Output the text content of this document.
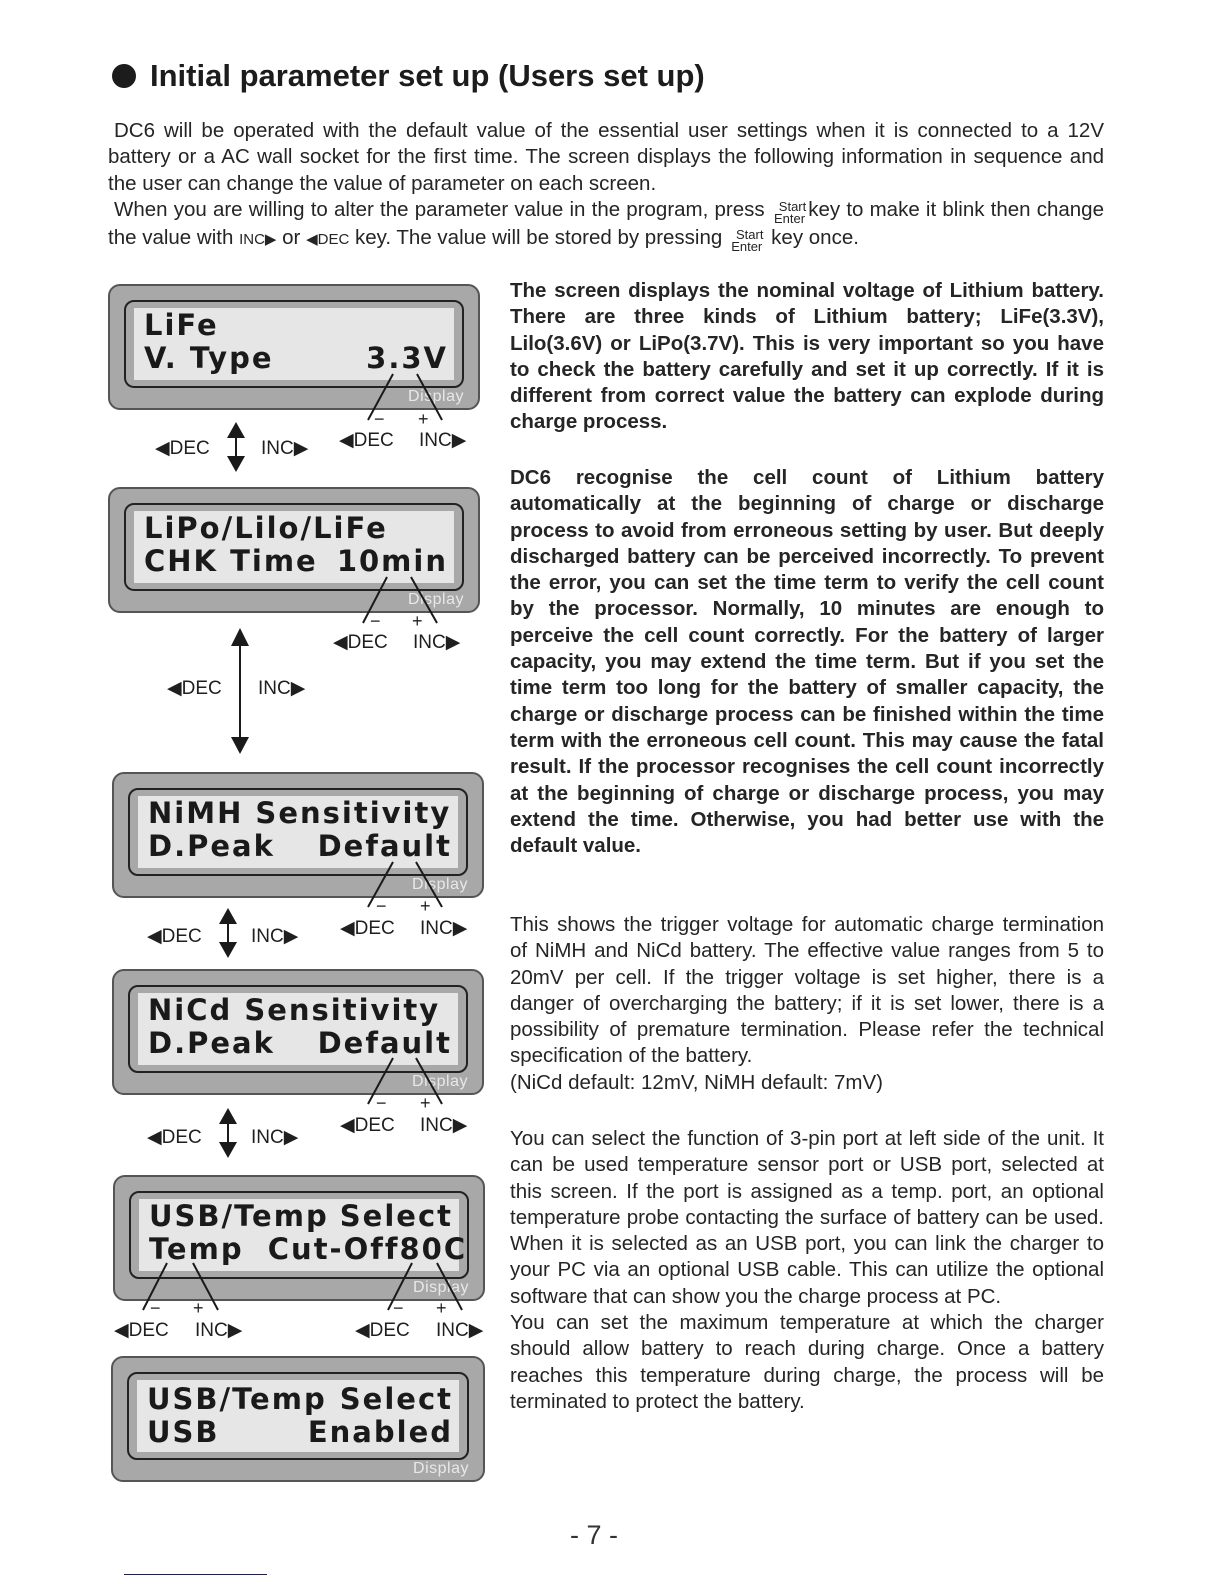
Initial parameter set up (Users set up)

DC6 will be operated with the default value of the essential user settings when it is connected to a 12V battery or a AC wall socket for the first time. The screen displays the following information in sequence and the user can change the value of parameter on each screen.

When you are willing to alter the parameter value in the program, press Start
Enter key to make it blink then change the value with INC▶ or ◀DEC key. The value will be stored by pressing Start
Enter key once.

LiFe
V. Type	3.3V
Display
LiPo/Lilo/LiFe
CHK Time 10min
Display
NiMH Sensitivity
D.Peak Default
Display
NiCd Sensitivity
D.Peak Default
Display
USB/Temp Select
Temp  Cut-Off 80C
Display
USB/Temp Select
USB	Enabled
Display
◀DEC	INC▶
− +
◀DEC INC▶
− +
◀DEC INC▶
◀DEC INC▶
− +
◀DEC INC▶
◀DEC	INC▶
− +
◀DEC INC▶
◀DEC	INC▶
− +
◀DEC INC▶
− +
◀DEC INC▶

The screen displays the nominal voltage of Lithium battery. There are three kinds of Lithium battery; LiFe(3.3V), Lilo(3.6V) or LiPo(3.7V). This is very important so you have to check the battery carefully and set it up correctly. If it is different from correct value the battery can explode during charge process.

DC6 recognise the cell count of Lithium battery automatically at the beginning of charge or discharge process to avoid from erroneous setting by user. But deeply discharged battery can be perceived incorrectly. To prevent the error, you can set the time term to verify the cell count by the processor. Normally, 10 minutes are enough to perceive the cell count correctly. For the battery of larger capacity, you may extend the time term. But if you set the time term too long for the battery of smaller capacity, the charge or discharge process can be finished within the time term with the erroneous cell count. This may cause the fatal result. If the processor recognises the cell count incorrectly at the beginning of charge or discharge process, you may extend the time. Otherwise, you had better use with the default value.

This shows the trigger voltage for automatic charge termination of NiMH and NiCd battery. The effective value ranges from 5 to 20mV per cell. If the trigger voltage is set higher, there is a danger of overcharging the battery; if it is set lower, there is a possibility of premature termination. Please refer the technical specification of the battery.

(NiCd default: 12mV, NiMH default: 7mV)

You can select the function of 3-pin port at left side of the unit. It can be used temperature sensor port or USB port, selected at this screen. If the port is assigned as a temp. port, an optional temperature probe contacting the surface of battery can be used. When it is selected as an USB port, you can link the charger to your PC via an optional USB cable. This can utilize the optional software that can show you the charge process at PC.

You can set the maximum temperature at which the charger should allow battery to reach during charge. Once a battery reaches this temperature during charge, the process will be terminated to protect the battery.

- 7 -
